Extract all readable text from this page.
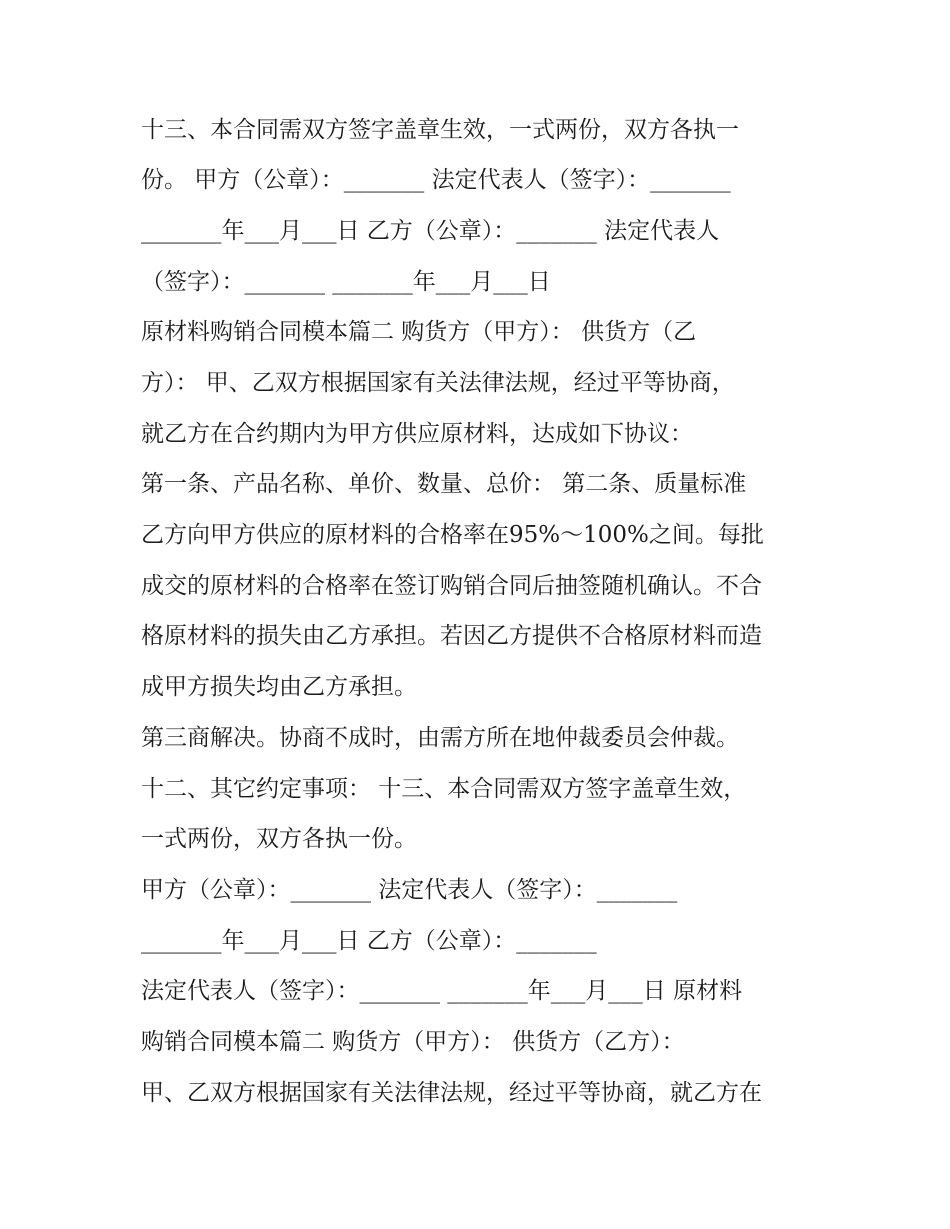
十三、本合同需双方签字盖章生效，一式两份，双方各执一
份。 甲方（公章）：_______ 法定代表人（签字）：_______
_______年___月___日 乙方（公章）：_______ 法定代表人
（签字）：_______ _______年___月___日
原材料购销合同模本篇二 购货方（甲方）： 供货方（乙
方）： 甲、乙双方根据国家有关法律法规，经过平等协商，
就乙方在合约期内为甲方供应原材料，达成如下协议：
第一条、产品名称、单价、数量、总价： 第二条、质量标准
乙方向甲方供应的原材料的合格率在95%～100%之间。每批
成交的原材料的合格率在签订购销合同后抽签随机确认。不合
格原材料的损失由乙方承担。若因乙方提供不合格原材料而造
成甲方损失均由乙方承担。
第三商解决。协商不成时，由需方所在地仲裁委员会仲裁。
十二、其它约定事项： 十三、本合同需双方签字盖章生效，
一式两份，双方各执一份。
甲方（公章）：_______ 法定代表人（签字）：_______
_______年___月___日 乙方（公章）：_______
法定代表人（签字）：_______ _______年___月___日 原材料
购销合同模本篇二 购货方（甲方）： 供货方（乙方）：
甲、乙双方根据国家有关法律法规，经过平等协商，就乙方在
